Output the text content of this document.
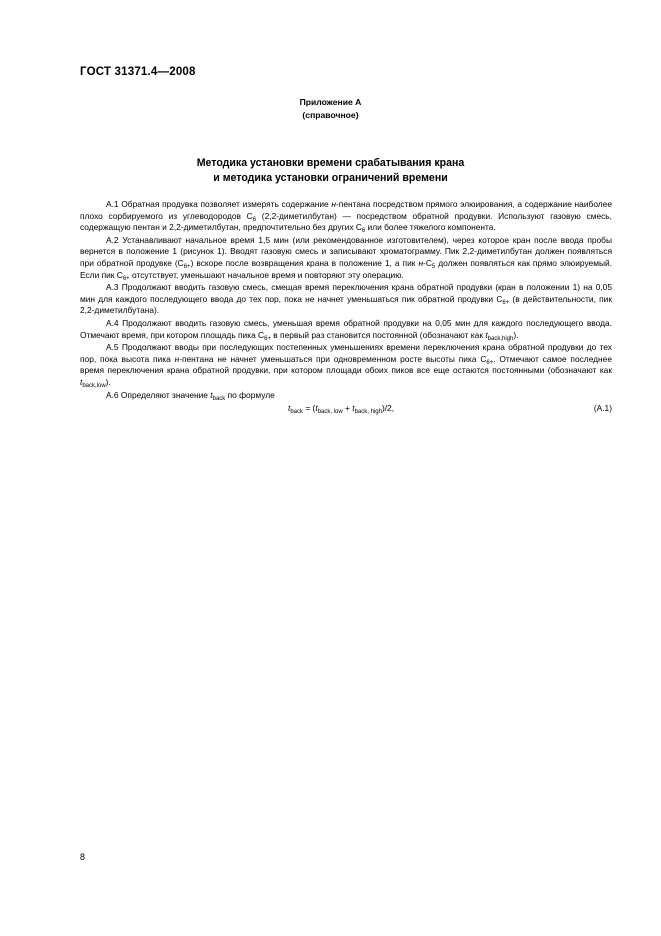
ГОСТ 31371.4—2008
Приложение А
(справочное)
Методика установки времени срабатывания крана
и методика установки ограничений времени

А.1 Обратная продувка позволяет измерять содержание н-пентана посредством прямого элюирования, а содержание наиболее плохо сорбируемого из углеводородов $С_6$ (2,2-диметилбутан) — посредством обратной продувки. Используют газовую смесь, содержащую пентан и 2,2-диметилбутан, предпочтительно без других $С_6$ или более тяжелого компонента.

А.2 Устанавливают начальное время 1,5 мин (или рекомендованное изготовителем), через которое кран после ввода пробы вернется в положение 1 (рисунок 1). Вводят газовую смесь и записывают хроматограмму. Пик 2,2-диметилбутан должен появляться при обратной продувке $(С_{6+})$ вскоре после возвращения крана в положение 1, а пик $н-С_5$ должен появляться как прямо элюируемый. Если пик $С_{6+}$ отсутствует, уменьшают начальное время и повторяют эту операцию.

А.3 Продолжают вводить газовую смесь, смещая время переключения крана обратной продувки (кран в положении 1) на 0,05 мин для каждого последующего ввода до тех пор, пока не начнет уменьшаться пик обратной продувки $С_{6+}$ (в действительности, пик 2,2-диметилбутана).

А.4 Продолжают вводить газовую смесь, уменьшая время обратной продувки на 0,05 мин для каждого последующего ввода. Отмечают время, при котором площадь пика $С_{6+}$ в первый раз становится постоянной (обозначают как $t_{back,high}$).

А.5 Продолжают вводы при последующих постепенных уменьшениях времени переключения крана обратной продувки до тех пор, пока высота пика н-пентана не начнет уменьшаться при одновременном росте высоты пика $С_{6+}$. Отмечают самое последнее время переключения крана обратной продувки, при котором площади обоих пиков все еще остаются постоянными (обозначают как $t_{back,low}$).

А.6 Определяют значение $t_{back}$ по формуле

$t_{back} = (t_{back, low} + t_{back, high})/2$,	(А.1)
8
